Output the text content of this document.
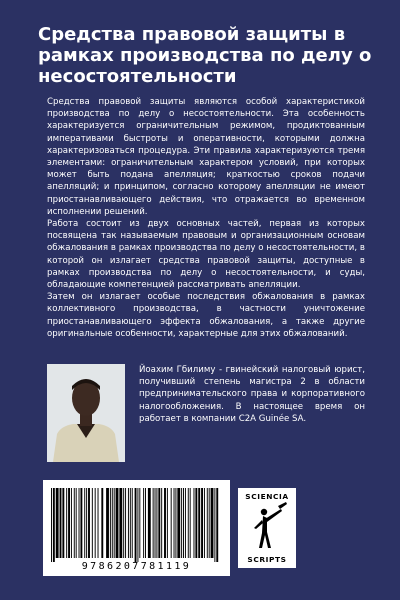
Средства правовой защиты в рамках производства по делу о несостоятельности

Средства правовой защиты являются особой характеристикой производства по делу о несостоятельности. Эта особенность характеризуется ограничительным режимом, продиктованным императивами быстроты и оперативности, которыми должна характеризоваться процедура. Эти правила характеризуются тремя элементами: ограничительным характером условий, при которых может быть подана апелляция; краткостью сроков подачи апелляций; и принципом, согласно которому апелляции не имеют приостанавливающего действия, что отражается во временном исполнении решений.

Работа состоит из двух основных частей, первая из которых посвящена так называемым правовым и организационным основам обжалования в рамках производства по делу о несостоятельности, в которой он излагает средства правовой защиты, доступные в рамках производства по делу о несостоятельности, и суды, обладающие компетенцией рассматривать апелляции.

Затем он излагает особые последствия обжалования в рамках коллективного производства, в частности уничтожение приостанавливающего эффекта обжалования, а также другие оригинальные особенности, характерные для этих обжалований.

Йоахим Гбилиму - гвинейский налоговый юрист, получивший степень магистра 2 в области предпринимательского права и корпоративного налогообложения. В настоящее время он работает в компании C2A Guinée SA.
9786207781119
SCIENCIA
SCRIPTS
